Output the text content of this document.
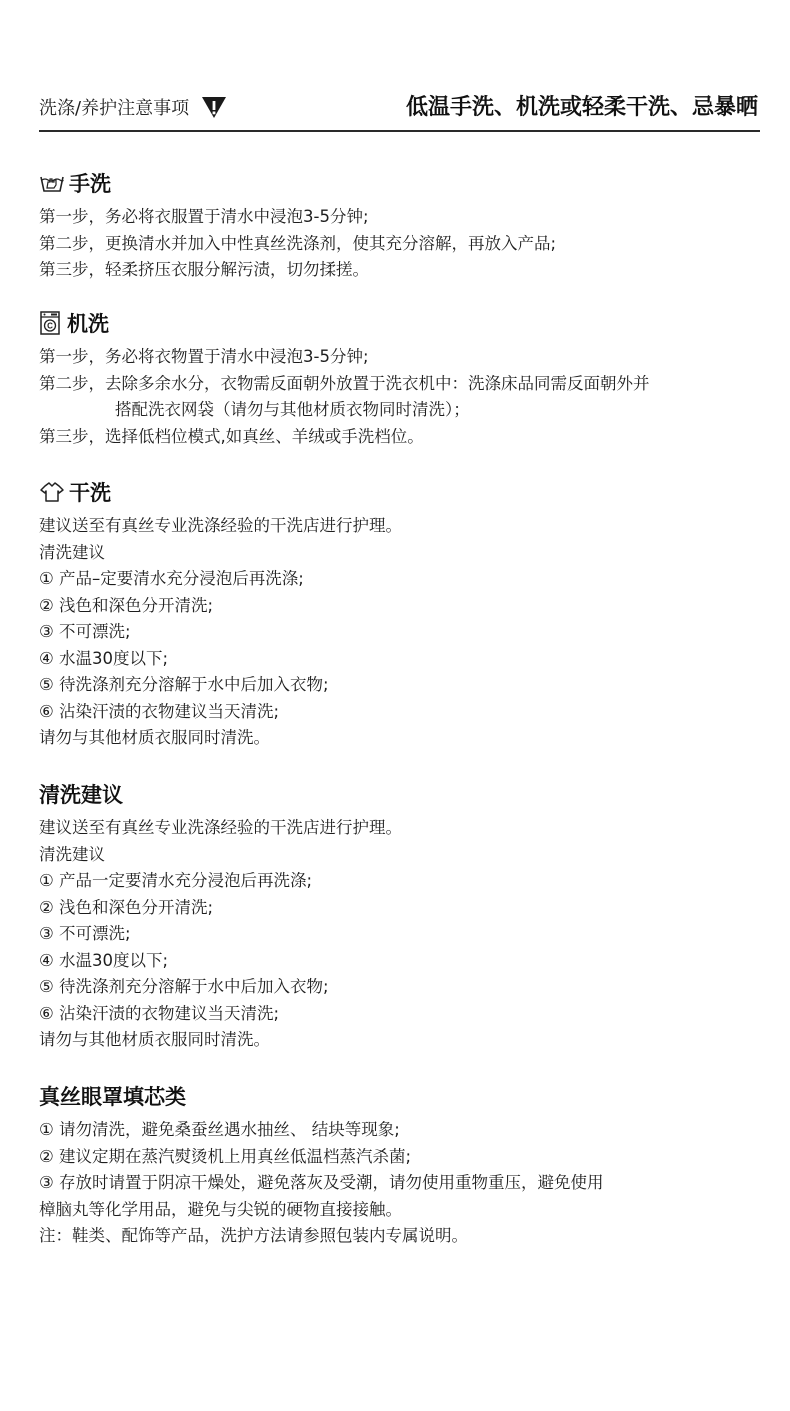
洗涤/养护注意事项	低温手洗、机洗或轻柔干洗、忌暴晒
手洗
第一步，务必将衣服置于清水中浸泡3-5分钟;
第二步，更换清水并加入中性真丝洗涤剂，使其充分溶解，再放入产品;
第三步，轻柔挤压衣服分解污渍，切勿揉搓。
C 机洗
第一步，务必将衣物置于清水中浸泡3-5分钟;
第二步，去除多余水分，衣物需反面朝外放置于洗衣机中：洗涤床品同需反面朝外并
搭配洗衣网袋（请勿与其他材质衣物同时清洗）；
第三步，选择低档位模式,如真丝、羊绒或手洗档位。
干洗
建议送至有真丝专业洗涤经验的干洗店进行护理。
清洗建议
① 产品–定要清水充分浸泡后再洗涤;
② 浅色和深色分开清洗;
③ 不可漂洗;
④ 水温30度以下;
⑤ 待洗涤剂充分溶解于水中后加入衣物;
⑥ 沾染汗渍的衣物建议当天清洗;
请勿与其他材质衣服同时清洗。
清洗建议
建议送至有真丝专业洗涤经验的干洗店进行护理。
清洗建议
① 产品一定要清水充分浸泡后再洗涤;
② 浅色和深色分开清洗;
③ 不可漂洗;
④ 水温30度以下;
⑤ 待洗涤剂充分溶解于水中后加入衣物;
⑥ 沾染汗渍的衣物建议当天清洗;
请勿与其他材质衣服同时清洗。
真丝眼罩填芯类
① 请勿清洗，避免桑蚕丝遇水抽丝、 结块等现象;
② 建议定期在蒸汽熨烫机上用真丝低温档蒸汽杀菌;
③ 存放时请置于阴凉干燥处，避免落灰及受潮，请勿使用重物重压，避免使用
樟脑丸等化学用品，避免与尖锐的硬物直接接触。
注：鞋类、配饰等产品，洗护方法请参照包装内专属说明。
